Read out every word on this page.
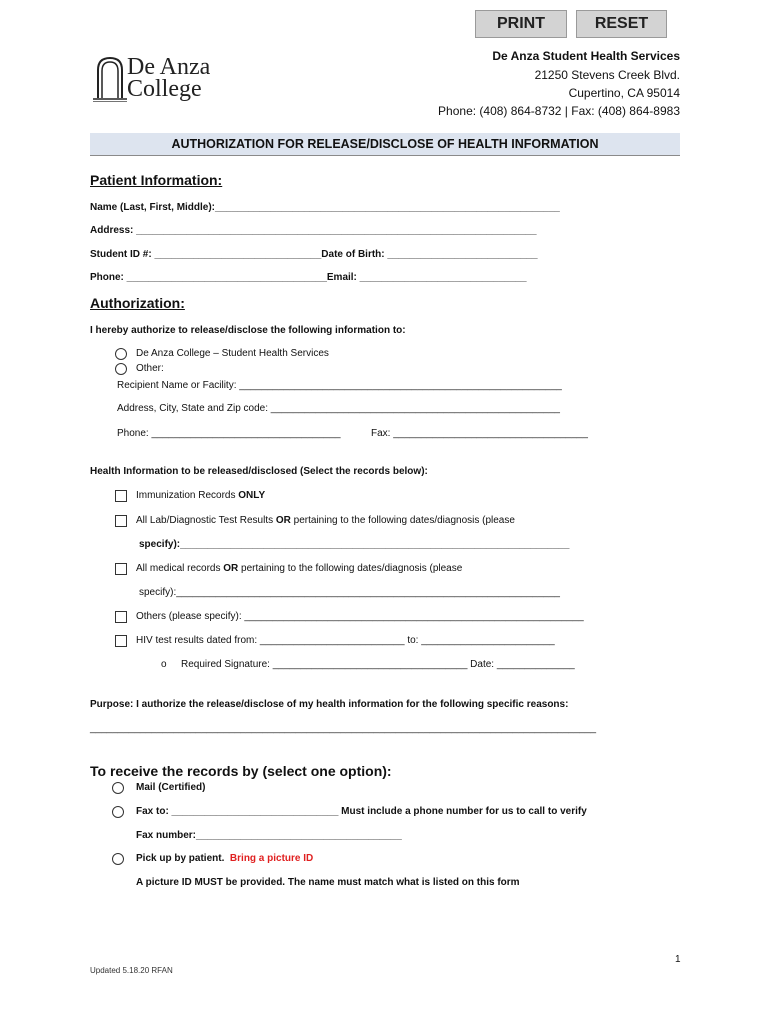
PRINT	RESET
De Anza
College
De Anza Student Health Services
21250 Stevens Creek Blvd.
Cupertino, CA 95014
Phone: (408) 864-8732 | Fax: (408) 864-8983
AUTHORIZATION FOR RELEASE/DISCLOSE OF HEALTH INFORMATION
Patient Information:
Name (Last, First, Middle):______________________________________________________________
Address: ________________________________________________________________________
Student ID #: ______________________________Date of Birth: ___________________________
Phone: ____________________________________Email: ______________________________
Authorization:
I hereby authorize to release/disclose the following information to:
De Anza College – Student Health Services
Other:
Recipient Name or Facility: __________________________________________________________
Address, City, State and Zip code: ____________________________________________________
Phone: __________________________________	Fax: ___________________________________
Health Information to be released/disclosed (Select the records below):
Immunization Records ONLY
All Lab/Diagnostic Test Results OR pertaining to the following dates/diagnosis (please
specify):______________________________________________________________________
All medical records OR pertaining to the following dates/diagnosis (please
specify):_____________________________________________________________________
Others (please specify): _____________________________________________________________
HIV test results dated from: __________________________ to: ________________________
o Required Signature: ___________________________________ Date: ______________
Purpose: I authorize the release/disclose of my health information for the following specific reasons:
___________________________________________________________________________________________
To receive the records by (select one option):
Mail (Certified)
Fax to: ______________________________ Must include a phone number for us to call to verify
Fax number:_____________________________________
Pick up by patient. Bring a picture ID
A picture ID MUST be provided. The name must match what is listed on this form
1
Updated 5.18.20 RFAN
